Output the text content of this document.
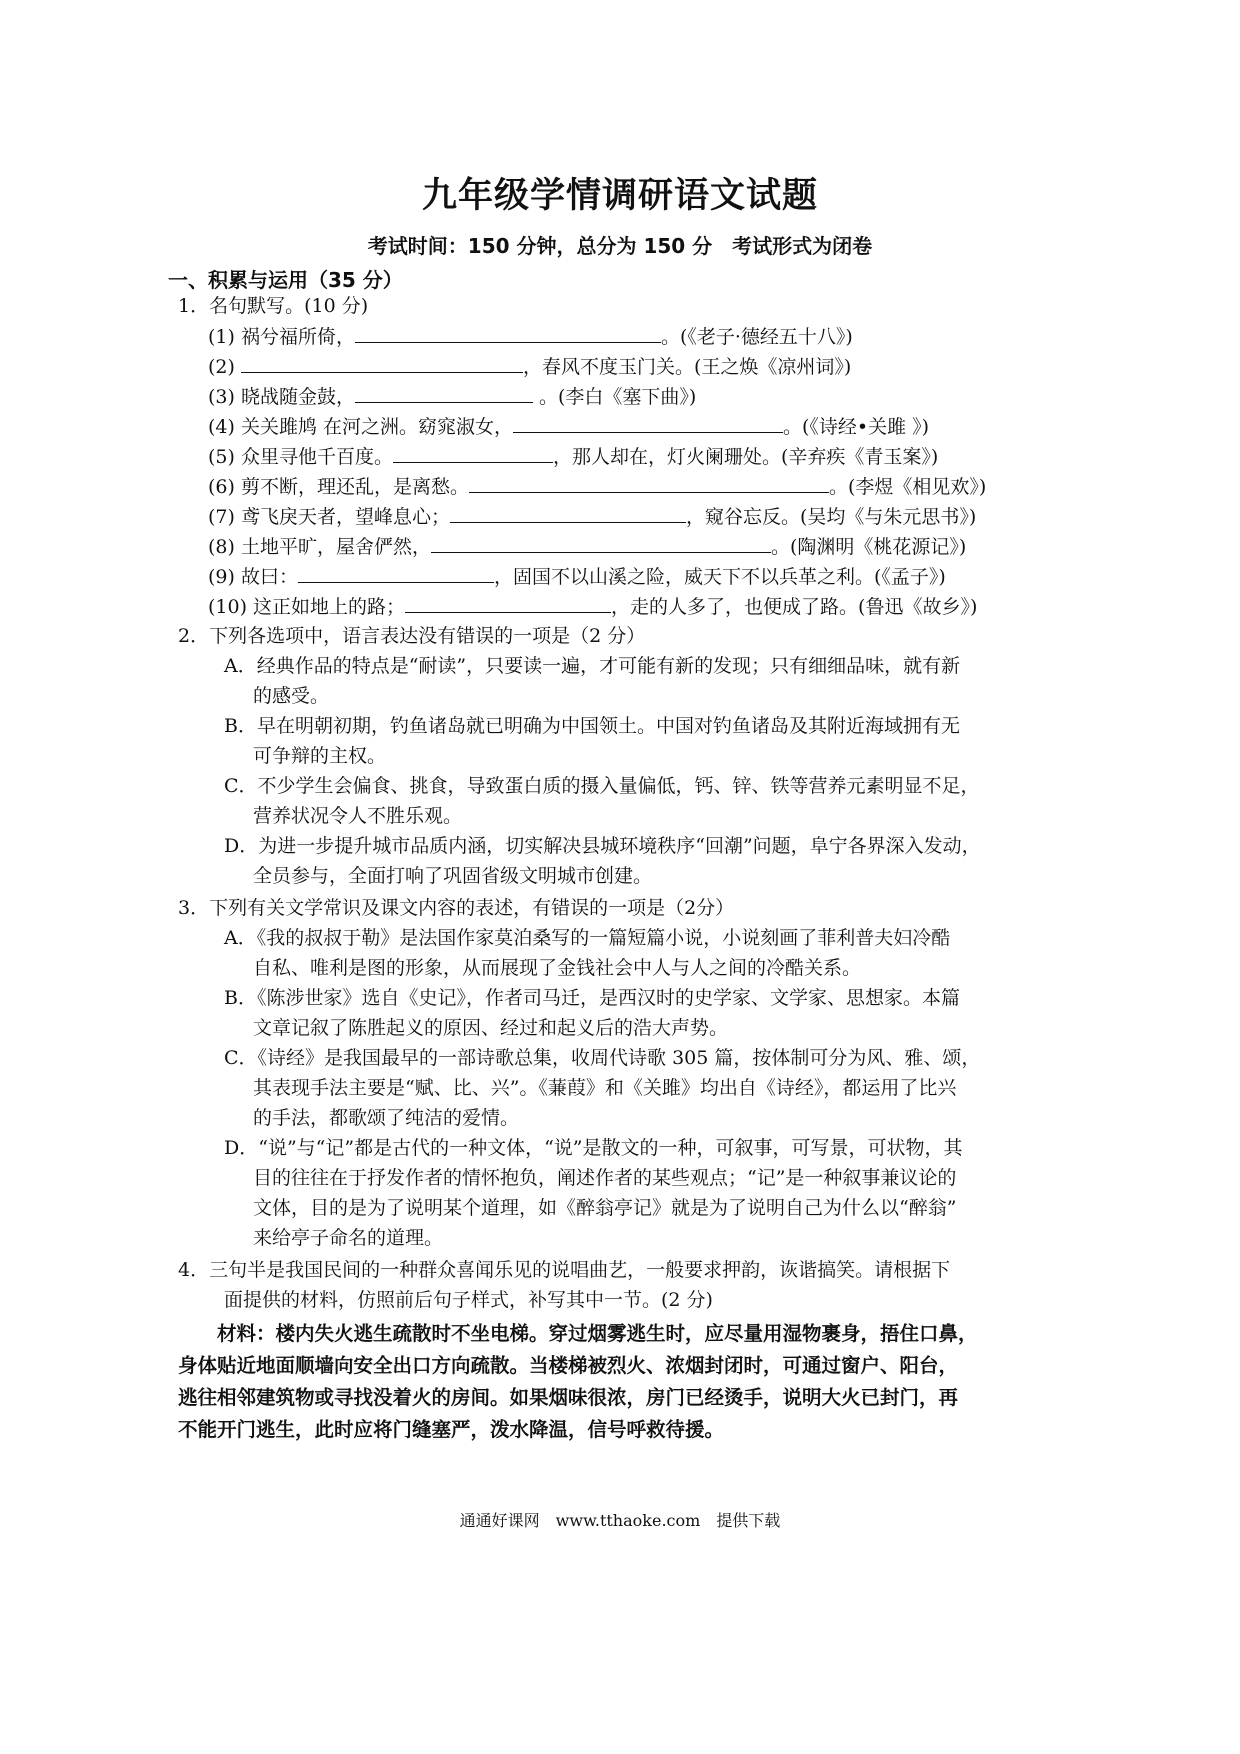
九年级学情调研语文试题
考试时间：150 分钟，总分为 150 分　考试形式为闭卷
一、积累与运用（35 分）
1．名句默写。(10 分)
(1) 祸兮福所倚，	。(《老子·德经五十八》)
(2)	，春风不度玉门关。(王之焕《凉州词》)
(3) 晓战随金鼓，	。(李白《塞下曲》)
(4) 关关雎鸠 在河之洲。窈窕淑女，	。(《诗经•关雎 》)
(5) 众里寻他千百度。	，那人却在，灯火阑珊处。(辛弃疾《青玉案》)
(6) 剪不断，理还乱，是离愁。	。(李煜《相见欢》)
(7) 鸢飞戾天者，望峰息心；	，窥谷忘反。(吴均《与朱元思书》)
(8) 土地平旷，屋舍俨然，	。(陶渊明《桃花源记》)
(9) 故曰：	，固国不以山溪之险，威天下不以兵革之利。(《孟子》)
(10) 这正如地上的路；	，走的人多了，也便成了路。(鲁迅《故乡》)
2．下列各选项中，语言表达没有错误的一项是（2 分）
A．经典作品的特点是“耐读”，只要读一遍，才可能有新的发现；只有细细品味，就有新
的感受。
B．早在明朝初期，钓鱼诸岛就已明确为中国领土。中国对钓鱼诸岛及其附近海域拥有无
可争辩的主权。
C．不少学生会偏食、挑食，导致蛋白质的摄入量偏低，钙、锌、铁等营养元素明显不足，
营养状况令人不胜乐观。
D．为进一步提升城市品质内涵，切实解决县城环境秩序“回潮”问题，阜宁各界深入发动，
全员参与，全面打响了巩固省级文明城市创建。
3．下列有关文学常识及课文内容的表述，有错误的一项是（2分）
A．《我的叔叔于勒》是法国作家莫泊桑写的一篇短篇小说，小说刻画了菲利普夫妇冷酷
自私、唯利是图的形象，从而展现了金钱社会中人与人之间的冷酷关系。
B．《陈涉世家》选自《史记》，作者司马迁，是西汉时的史学家、文学家、思想家。本篇
文章记叙了陈胜起义的原因、经过和起义后的浩大声势。
C．《诗经》是我国最早的一部诗歌总集，收周代诗歌 305 篇，按体制可分为风、雅、颂，
其表现手法主要是“赋、比、兴”。《蒹葭》和《关雎》均出自《诗经》，都运用了比兴
的手法，都歌颂了纯洁的爱情。
D．“说”与“记”都是古代的一种文体，“说”是散文的一种，可叙事，可写景，可状物，其
目的往往在于抒发作者的情怀抱负，阐述作者的某些观点；“记”是一种叙事兼议论的
文体，目的是为了说明某个道理，如《醉翁亭记》就是为了说明自己为什么以“醉翁”
来给亭子命名的道理。
4．三句半是我国民间的一种群众喜闻乐见的说唱曲艺，一般要求押韵，诙谐搞笑。请根据下
面提供的材料，仿照前后句子样式，补写其中一节。(2 分)
　　材料：楼内失火逃生疏散时不坐电梯。穿过烟雾逃生时，应尽量用湿物裹身，捂住口鼻，
身体贴近地面顺墙向安全出口方向疏散。当楼梯被烈火、浓烟封闭时，可通过窗户、阳台，
逃往相邻建筑物或寻找没着火的房间。如果烟味很浓，房门已经烫手，说明大火已封门，再
不能开门逃生，此时应将门缝塞严，泼水降温，信号呼救待援。
通通好课网　www.tthaoke.com　提供下载
